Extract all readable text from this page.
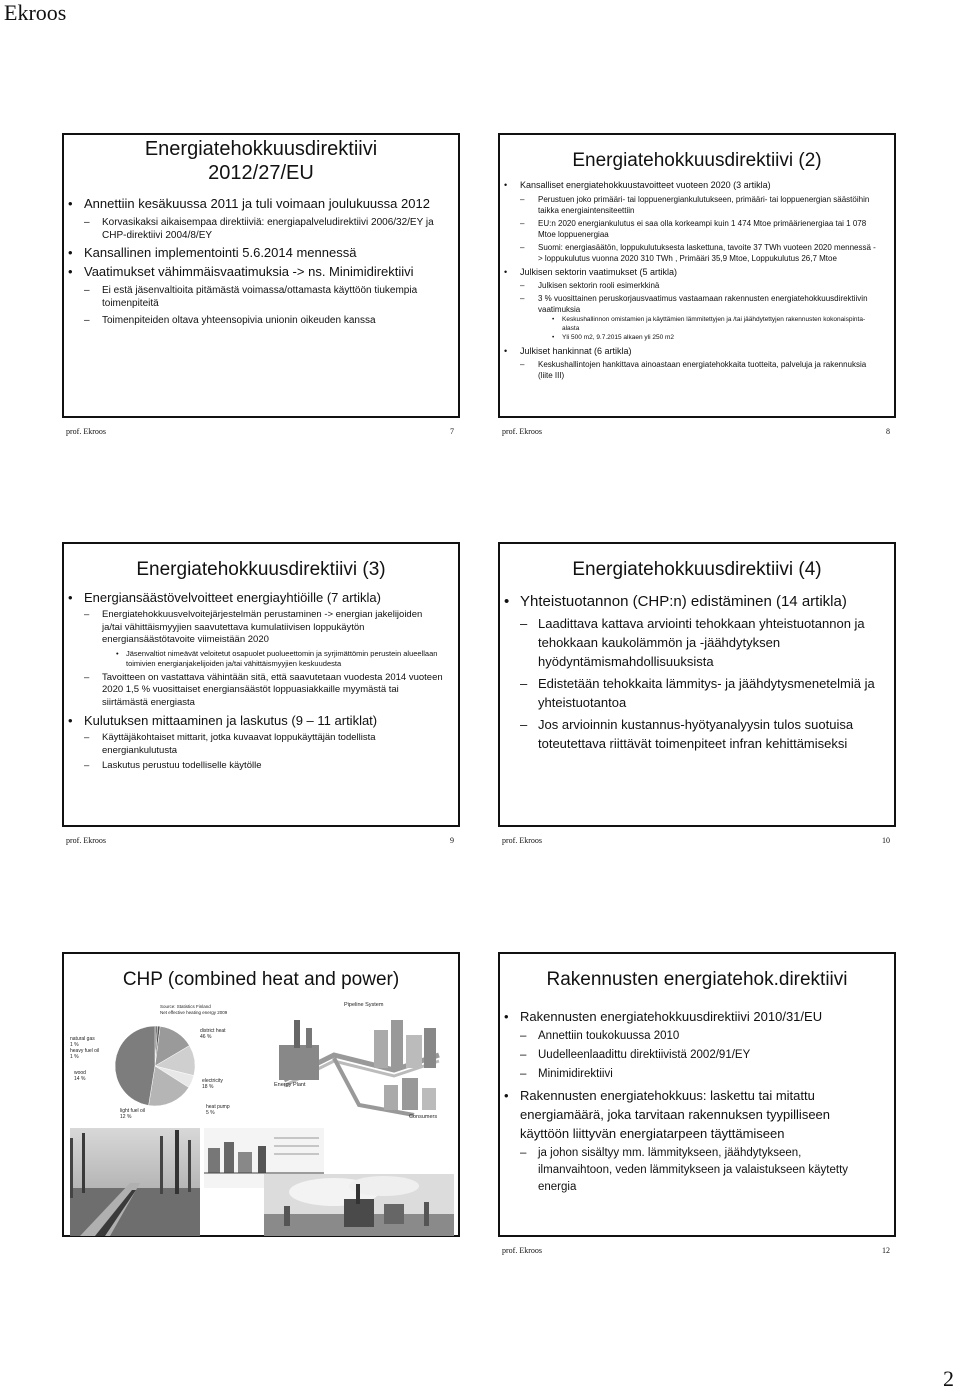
Ekroos
Energiatehokkuusdirektiivi 2012/27/EU
• Annettiin kesäkuussa 2011 ja tuli voimaan joulukuussa 2012
– Korvasikaksi aikaisempaa direktiiviä: energiapalveludirektiivi 2006/32/EY ja CHP-direktiivi 2004/8/EY
• Kansallinen implementointi 5.6.2014 mennessä
• Vaatimukset vähimmäisvaatimuksia -> ns. Minimidirektiivi
– Ei estä jäsenvaltioita pitämästä voimassa/ottamasta käyttöön tiukempia toimenpiteitä
– Toimenpiteiden oltava yhteensopivia unionin oikeuden kanssa
prof. Ekroos	7
Energiatehokkuusdirektiivi (2)
• Kansalliset energiatehokkuustavoitteet vuoteen 2020 (3 artikla)
– Perustuen joko primääri- tai loppuenergiankulutukseen, primääri- tai loppuenergian säästöihin taikka energiaintensiteettiin
– EU:n 2020 energiankulutus ei saa olla korkeampi kuin 1 474 Mtoe primäärienergiaa tai 1 078 Mtoe loppuenergiaa
– Suomi: energiasäätön, loppukulutuksesta laskettuna, tavoite 37 TWh vuoteen 2020 mennessä -> loppukulutus vuonna 2020 310 TWh , Primääri 35,9 Mtoe, Loppukulutus 26,7 Mtoe
• Julkisen sektorin vaatimukset (5 artikla)
– Julkisen sektorin rooli esimerkkinä
– 3 % vuosittainen peruskorjausvaatimus vastaamaan rakennusten energiatehokkuusdirektiivin vaatimuksia
• Keskushallinnon omistamien ja käyttämien lämmitettyjen ja /tai jäähdytettyjen rakennusten kokonaispinta-alasta
• Yli 500 m2, 9.7.2015 alkaen yli 250 m2
• Julkiset hankinnat (6 artikla)
– Keskushallintojen hankittava ainoastaan energiatehokkaita tuotteita, palveluja ja rakennuksia (liite III)
prof. Ekroos	8
Energiatehokkuusdirektiivi (3)
• Energiansäästövelvoitteet energiayhtiöille (7 artikla)
– Energiatehokkuusvelvoitejärjestelmän perustaminen -> energian jakelijoiden ja/tai vähittäismyyjien saavutettava kumulatiivisen loppukäytön energiansäästötavoite viimeistään 2020
• Jäsenvaltiot nimeävät veloitetut osapuolet puolueettomin ja syrjimättömin perustein alueellaan toimivien energianjakelijoiden ja/tai vähittäismyyjien keskuudesta
– Tavoitteen on vastattava vähintään sitä, että saavutetaan vuodesta 2014 vuoteen 2020 1,5 % vuosittaiset energiansäästöt loppuasiakkaille myymästä tai siirtämästä energiasta
• Kulutuksen mittaaminen ja laskutus (9 – 11 artiklat)
– Käyttäjäkohtaiset mittarit, jotka kuvaavat loppukäyttäjän todellista energiankulutusta
– Laskutus perustuu todelliselle käytölle
prof. Ekroos	9
Energiatehokkuusdirektiivi (4)
• Yhteistuotannon (CHP:n) edistäminen (14 artikla)
– Laadittava kattava arviointi tehokkaan yhteistuotannon ja tehokkaan kaukolämmön ja -jäähdytyksen hyödyntämismahdollisuuksista
– Edistetään tehokkaita lämmitys- ja jäähdytysmenetelmiä ja yhteistuotantoa
– Jos arvioinnin kustannus-hyötyanalyysin tulos suotuisa toteutettava riittävät toimenpiteet infran kehittämiseksi
prof. Ekroos	10
CHP (combined heat and power)
Source: Statistics Finland
Net effective heating energy 2009
natural gas
1 %
heavy fuel oil
1 %
wood
14 %
light fuel oil
12 %
district heat
46 %
electricity
18 %
heat pump
5 %
Pipeline System
Energy Plant
Consumers
Rakennusten energiatehok.direktiivi
• Rakennusten energiatehokkuusdirektiivi 2010/31/EU
– Annettiin toukokuussa 2010
– Uudelleenlaadittu direktiivistä 2002/91/EY
– Minimidirektiivi
• Rakennusten energiatehokkuus: laskettu tai mitattu energiamäärä, joka tarvitaan rakennuksen tyypilliseen käyttöön liittyvän energiatarpeen täyttämiseen
– ja johon sisältyy mm. lämmitykseen, jäähdytykseen, ilmanvaihtoon, veden lämmitykseen ja valaistukseen käytetty energia
prof. Ekroos	12
2
